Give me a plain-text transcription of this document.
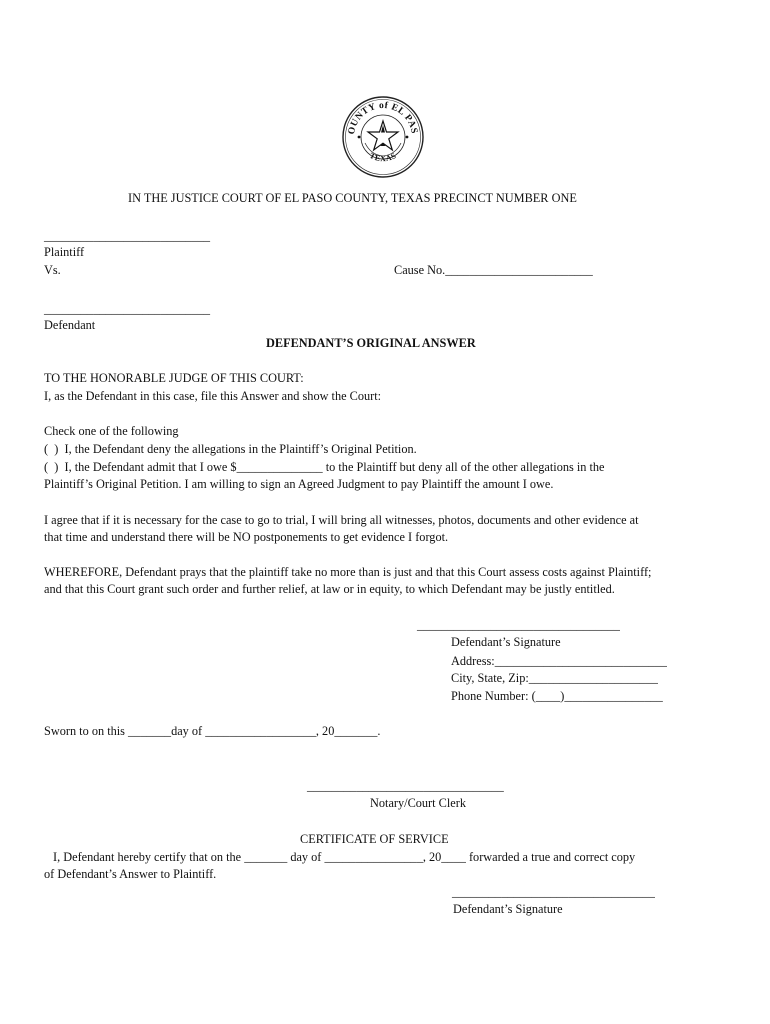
OUNTY of EL PAS
TEXAS
IN THE JUSTICE COURT OF EL PASO COUNTY, TEXAS PRECINCT NUMBER ONE
___________________________
Plaintiff
Vs.	Cause No.________________________
___________________________
Defendant
DEFENDANT’S ORIGINAL ANSWER
TO THE HONORABLE JUDGE OF THIS COURT:
I, as the Defendant in this case, file this Answer and show the Court:
Check one of the following
(  )  I, the Defendant deny the allegations in the Plaintiff’s Original Petition.
(  )  I, the Defendant admit that I owe $______________ to the Plaintiff but deny all of the other allegations in the
Plaintiff’s Original Petition. I am willing to sign an Agreed Judgment to pay Plaintiff the amount I owe.
I agree that if it is necessary for the case to go to trial, I will bring all witnesses, photos, documents and other evidence at
that time and understand there will be NO postponements to get evidence I forgot.
WHEREFORE, Defendant prays that the plaintiff take no more than is just and that this Court assess costs against Plaintiff;
and that this Court grant such order and further relief, at law or in equity, to which Defendant may be justly entitled.
_________________________________
Defendant’s Signature
Address:____________________________
City, State, Zip:_____________________
Phone Number: (____)________________
Sworn to on this _______day of __________________, 20_______.
________________________________
Notary/Court Clerk
CERTIFICATE OF SERVICE
I, Defendant hereby certify that on the _______ day of ________________, 20____ forwarded a true and correct copy
of Defendant’s Answer to Plaintiff.
_________________________________
Defendant’s Signature
